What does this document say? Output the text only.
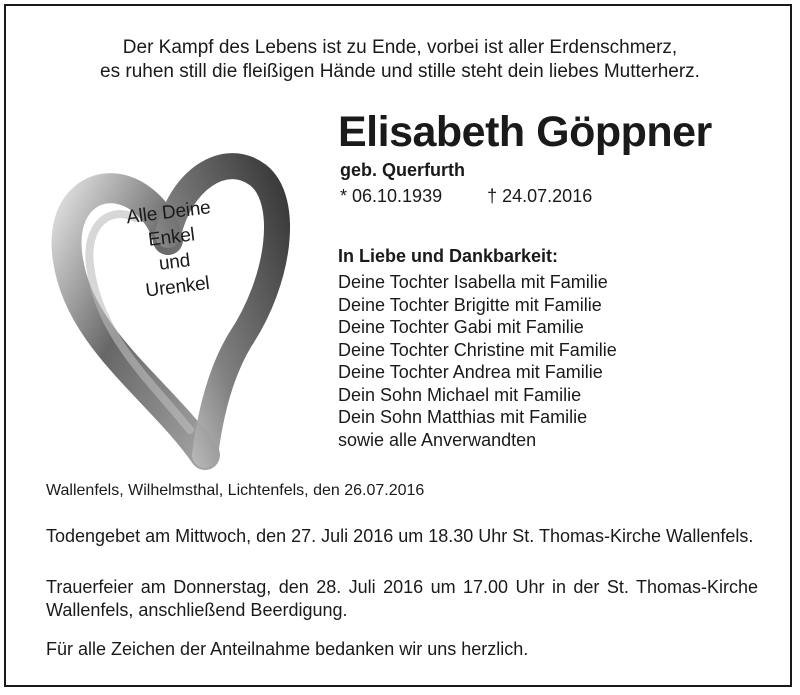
Der Kampf des Lebens ist zu Ende, vorbei ist aller Erdenschmerz,
es ruhen still die fleißigen Hände und stille steht dein liebes Mutterherz.
Alle Deine
Enkel
und
Urenkel
Elisabeth Göppner
geb. Querfurth
* 06.10.1939	† 24.07.2016
In Liebe und Dankbarkeit:
Deine Tochter Isabella mit Familie
Deine Tochter Brigitte mit Familie
Deine Tochter Gabi mit Familie
Deine Tochter Christine mit Familie
Deine Tochter Andrea mit Familie
Dein Sohn Michael mit Familie
Dein Sohn Matthias mit Familie
sowie alle Anverwandten
Wallenfels, Wilhelmsthal, Lichtenfels, den 26.07.2016
Todengebet am Mittwoch, den 27. Juli 2016 um 18.30 Uhr St. Thomas-Kirche Wallenfels.
Trauerfeier am Donnerstag, den 28. Juli 2016 um 17.00 Uhr in der St. Thomas-Kirche Wallenfels, anschließend Beerdigung.
Für alle Zeichen der Anteilnahme bedanken wir uns herzlich.
